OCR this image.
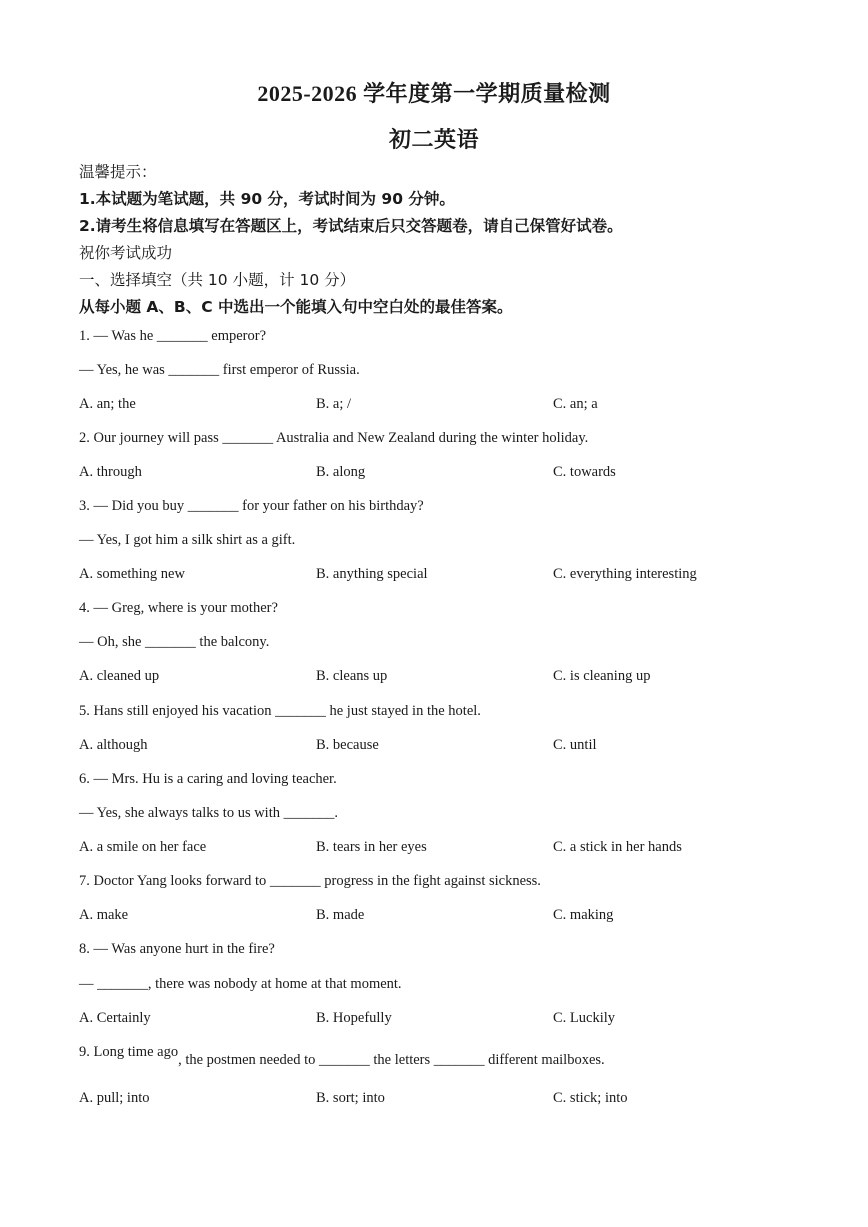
2025-2026 学年度第一学期质量检测
初二英语
温馨提示：
1.本试题为笔试题，共 90 分，考试时间为 90 分钟。
2.请考生将信息填写在答题区上，考试结束后只交答题卷，请自己保管好试卷。
祝你考试成功
一、选择填空（共 10 小题，计 10 分）
从每小题 A、B、C 中选出一个能填入句中空白处的最佳答案。
1. — Was he _______ emperor?
— Yes, he was _______ first emperor of Russia.
A. an; the	B. a; /	C. an; a
2. Our journey will pass _______ Australia and New Zealand during the winter holiday.
A. through	B. along	C. towards
3. — Did you buy _______ for your father on his birthday?
— Yes, I got him a silk shirt as a gift.
A. something new	B. anything special	C. everything interesting
4. — Greg, where is your mother?
— Oh, she _______ the balcony.
A. cleaned up	B. cleans up	C. is cleaning up
5. Hans still enjoyed his vacation _______ he just stayed in the hotel.
A. although	B. because	C. until
6. — Mrs. Hu is a caring and loving teacher.
— Yes, she always talks to us with _______.
A. a smile on her face	B. tears in her eyes	C. a stick in her hands
7. Doctor Yang looks forward to _______ progress in the fight against sickness.
A. make	B. made	C. making
8. — Was anyone hurt in the fire?
— _______, there was nobody at home at that moment.
A. Certainly	B. Hopefully	C. Luckily
9. Long time ago, the postmen needed to _______ the letters _______ different mailboxes.
A. pull; into	B. sort; into	C. stick; into
